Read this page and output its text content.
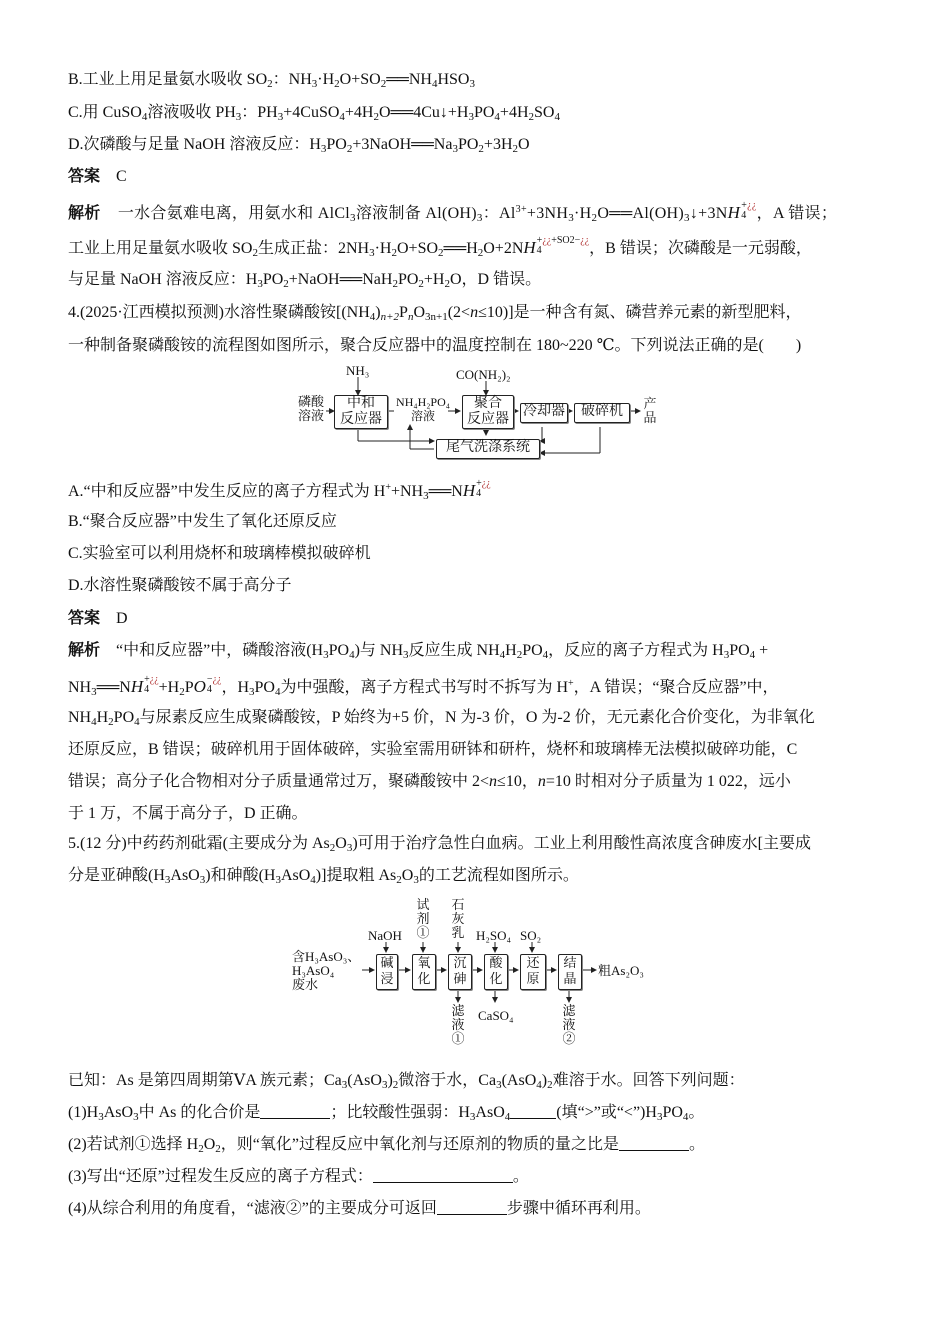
B.工业上用足量氨水吸收 $SO_2$：$NH_3\cdot H_2O+SO_2══NH_4HSO_3$
C.用 CuSO$_4$溶液吸收 $PH_3$：$PH_3+4CuSO_4+4H_2O══4Cu↓+H_3PO_4+4H_2SO_4$
D.次磷酸与足量 NaOH 溶液反应：$H_3PO_2+3NaOH══Na_3PO_2+3H_2O$
答案 C
解析 一水合氨难电离，用氨水和 AlCl$_3$溶液制备 $Al(OH)_3$：$Al^{3+}+3NH_3\cdot H_2O══Al(OH)_3↓+3NH$ +¿¿
4 ，A 错误；
工业上用足量氨水吸收 $SO_2$生成正盐：$2NH_3\cdot H_2O+SO_2══H_2O+2NH$ +¿¿+SO2−¿¿
4	，B 错误；次磷酸是一元弱酸，
与足量 NaOH 溶液反应：$H_3PO_2+NaOH══NaH_2PO_2+H_2O$，D 错误。
4.(2025·江西模拟预测)水溶性聚磷酸铵$[(NH_4)_{n+2}P_nO_{3n+1}(2<n\le 10)]$是一种含有氮、磷营养元素的新型肥料，
一种制备聚磷酸铵的流程图如图所示，聚合反应器中的温度控制在 180~220 ℃。下列说法正确的是(　　)
NH₃	CO(NH₂)₂
磷酸
溶液
中和
反应器
NH₄H₂PO₄
溶液
聚合
反应器
冷却器	破碎机
产
品
尾气洗涤系统
A.“中和反应器”中发生反应的离子方程式为 $H^++NH_3══NH$ +¿¿
4
B.“聚合反应器”中发生了氧化还原反应
C.实验室可以利用烧杯和玻璃棒模拟破碎机
D.水溶性聚磷酸铵不属于高分子
答案 D
解析 “中和反应器”中，磷酸溶液$(H_3PO_4)$与 $NH_3$反应生成 $NH_4H_2PO_4$，反应的离子方程式为 $H_3PO_4$ +
$NH_3══NH$ +¿¿
$4 +H_2PO$ −¿¿
4 ，$H_3PO_4$为中强酸，离子方程式书写时不拆写为 H+，A 错误；“聚合反应器”中，
$NH_4H_2PO_4$与尿素反应生成聚磷酸铵，P 始终为+5 价，N 为-3 价，O 为-2 价，无元素化合价变化，为非氧化
还原反应，B 错误；破碎机用于固体破碎，实验室需用研钵和研杵，烧杯和玻璃棒无法模拟破碎功能，C
错误；高分子化合物相对分子质量通常过万，聚磷酸铵中 2<n≤10，n=10 时相对分子质量为 1 022，远小
于 1 万，不属于高分子，D 正确。
5.(12 分)中药药剂砒霜(主要成分为 $As_2O_3$)可用于治疗急性白血病。工业上利用酸性高浓度含砷废水[主要成
分是亚砷酸$(H_3AsO_3)$和砷酸$(H_3AsO_4)$]提取粗 $As_2O_3$的工艺流程如图所示。
含H₃AsO₃、
H₃AsO₄
废水
NaOH
试剂①
石灰乳 H₂SO₄ SO₂
碱浸
氧化
沉砷
酸化
还原
结晶
粗As₂O₃
滤液①
CaSO₄	滤液②
已知：As 是第四周期第ⅤA 族元素；$Ca_3(AsO_3)_2$微溶于水，$Ca_3(AsO_4)_2$难溶于水。回答下列问题：
$(1)H_3AsO_3$中 As 的化合价是	；比较酸性强弱：$H_3AsO_4$	(填“>”或“$<”)H_3PO_4$。
(2)若试剂①选择 $H_2O_2$，则“氧化”过程反应中氧化剂与还原剂的物质的量之比是	。
(3)写出“还原”过程发生反应的离子方程式：	。
(4)从综合利用的角度看，“滤液②”的主要成分可返回	步骤中循环再利用。
